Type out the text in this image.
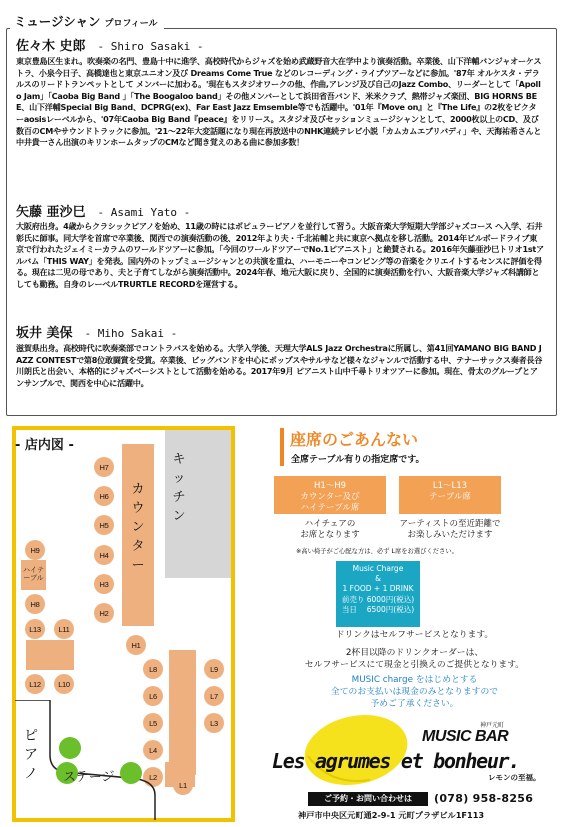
ミュージシャン プロフィール
佐々木 史郎 - Shiro Sasaki -
東京豊島区生まれ。吹奏楽の名門、豊島十中に進学、高校時代からジャズを始め武蔵野音大在学中より演奏活動。卒業後、山下洋輔バンジャオーケストラ、小泉今日子、高橋達也と東京ユニオン及び Dreams Come True などのレコーディング・ライブツアーなどに参加。'87年 オルケスタ・デラルスのリードトランペットとして メンバーに加わる。'現在もスタジオワークの他、作曲,アレンジ及び自己のJazz Combo、リーダーとして「Apollo Jam」「Caoba Big Band 」「The Boogaloo band」その他メンバーとして浜田省吾バンド、米米クラブ、熱帯ジャズ楽団、BIG HORNS BEE、山下洋輔Special Big Band、DCPRG(ex)、Far East Jazz Emsemble等でも活躍中。'01年『Move on』と『The Life』の2枚をビクターaosisレーベルから、'07年Caoba Big Band『peace』をリリース。スタジオ及びセッションミュージシャンとして、2000枚以上のCD、及び数百のCMやサウンドトラックに参加。'21～22年大変話題になり現在再放送中のNHK連続テレビ小説「カムカムエブリバディ」や、天海祐希さんと中井貴一さん出演のキリンホームタップのCMなど聞き覚えのある曲に参加多数！
矢藤 亜沙巳 - Asami Yato -
大阪府出身。4歳からクラシックピアノを始め、11歳の時にはポピュラーピアノを並行して習う。大阪音楽大学短期大学部ジャズコース へ入学、石井彰氏に師事。同大学を首席で卒業後、関西での演奏活動の後、2012年より夫・千北祐輔と共に東京へ拠点を移し活動。2014年ビルボードライブ東京で行われたジェイミーカラムのワールドツアーに参加。「今回のワールドツアーでNo.1ピアニスト」と絶賛される。2016年矢藤亜沙巳トリオ1stアルバム「THIS WAY」を発表。国内外のトップミュージシャンとの共演を重ね、ハーモニーやコンピング等の音楽をクリエイトするセンスに評価を得る。現在は二児の母であり、夫と子育てしながら演奏活動中。2024年春、地元大阪に戻り、全国的に演奏活動を行い、大阪音楽大学ジャズ科講師としても勤務。自身のレーベルTRURTLE RECORDを運営する。
坂井 美保 - Miho Sakai -
滋賀県出身。高校時代に吹奏楽部でコントラバスを始める。大学入学後、天理大学ALS Jazz Orchestraに所属し、第41回YAMANO BIG BAND JAZZ CONTESTで第8位敢闘賞を受賞。卒業後、ビッグバンドを中心にポップスやサルサなど様々なジャンルで活動する中、テナーサックス奏者長谷川朗氏と出会い、本格的にジャズベーシストとして活動を始める。2017年9月 ピアニスト山中千尋トリオツアーに参加。現在、骨太のグループとアンサンブルで、関西を中心に活躍中。
- 店内図 -
キッチン
カウンター
H7
H6
H5
H4
H3
H2
H1
ハイテーブル
H9
H8
L13	L11
L12	L10
L8
L6
L5
L4
L2
L9
L7
L3
L1
ピアノ ステージ
座席のごあんない
全席テーブル有りの指定席です。
H1～H9
カウンター及び
ハイテーブル席
L1～L13
テーブル席
ハイチェアの
お席となります
アーティストの至近距離で
お楽しみいただけます
※高い椅子がご心配な方は、必ず L席をお選びください。
Music Charge
&
1 FOOD + 1 DRINK
前売り 6000円(税込)
当日　 6500円(税込)
ドリンクはセルフサービスとなります。
2杯目以降のドリンクオーダーは、
セルフサービスにて現金と引換えのご提供となります。
MUSIC charge をはじめとする
全てのお支払いは現金のみとなりますので
予めご了承ください。
神戸元町
MUSIC BAR
Les agrumes et bonheur.
レモンの至福。
ご予約・お問い合わせは	(078) 958-8256
神戸市中央区元町通2-9-1 元町プラザビル1F113
